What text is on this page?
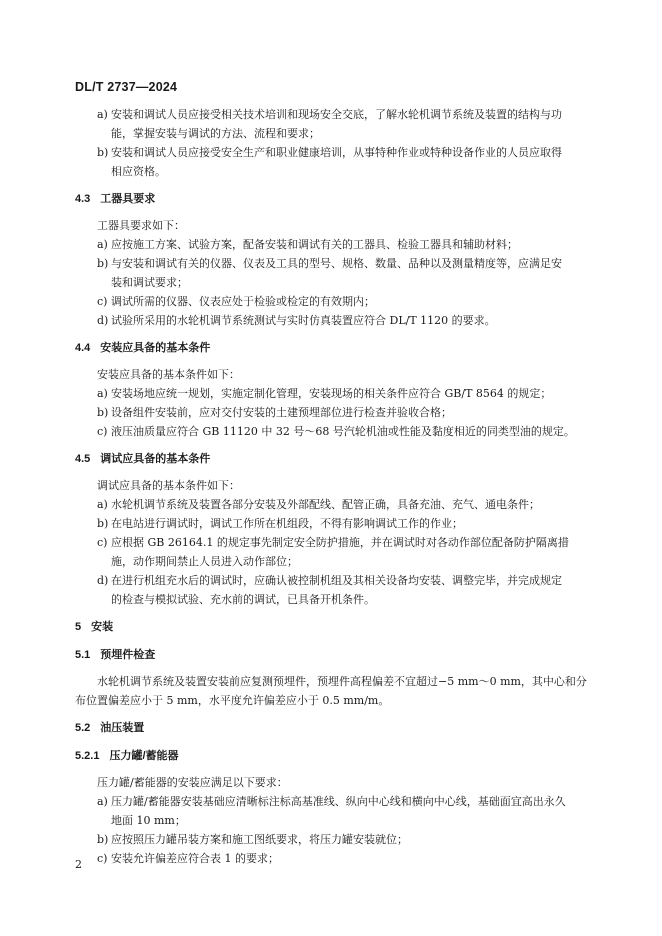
DL/T 2737—2024
a) 安装和调试人员应接受相关技术培训和现场安全交底，了解水轮机调节系统及装置的结构与功
能，掌握安装与调试的方法、流程和要求；
b) 安装和调试人员应接受安全生产和职业健康培训，从事特种作业或特种设备作业的人员应取得
相应资格。
4.3 工器具要求
工器具要求如下：
a) 应按施工方案、试验方案，配备安装和调试有关的工器具、检验工器具和辅助材料；
b) 与安装和调试有关的仪器、仪表及工具的型号、规格、数量、品种以及测量精度等，应满足安
装和调试要求；
c) 调试所需的仪器、仪表应处于检验或检定的有效期内；
d) 试验所采用的水轮机调节系统测试与实时仿真装置应符合 DL/T 1120 的要求。
4.4 安装应具备的基本条件
安装应具备的基本条件如下：
a) 安装场地应统一规划，实施定制化管理，安装现场的相关条件应符合 GB/T 8564 的规定；
b) 设备组件安装前，应对交付安装的土建预埋部位进行检查并验收合格；
c) 液压油质量应符合 GB 11120 中 32 号～68 号汽轮机油或性能及黏度相近的同类型油的规定。
4.5 调试应具备的基本条件
调试应具备的基本条件如下：
a) 水轮机调节系统及装置各部分安装及外部配线、配管正确，具备充油、充气、通电条件；
b) 在电站进行调试时，调试工作所在机组段，不得有影响调试工作的作业；
c) 应根据 GB 26164.1 的规定事先制定安全防护措施，并在调试时对各动作部位配备防护隔离措
施，动作期间禁止人员进入动作部位；
d) 在进行机组充水后的调试时，应确认被控制机组及其相关设备均安装、调整完毕，并完成规定
的检查与模拟试验、充水前的调试，已具备开机条件。
5 安装
5.1 预埋件检查
水轮机调节系统及装置安装前应复测预埋件，预埋件高程偏差不宜超过−5 mm～0 mm，其中心和分
布位置偏差应小于 5 mm，水平度允许偏差应小于 0.5 mm/m。
5.2 油压装置
5.2.1 压力罐/蓄能器
压力罐/蓄能器的安装应满足以下要求：
a) 压力罐/蓄能器安装基础应清晰标注标高基准线、纵向中心线和横向中心线，基础面宜高出永久
地面 10 mm；
b) 应按照压力罐吊装方案和施工图纸要求，将压力罐安装就位；
c) 安装允许偏差应符合表 1 的要求；
2
